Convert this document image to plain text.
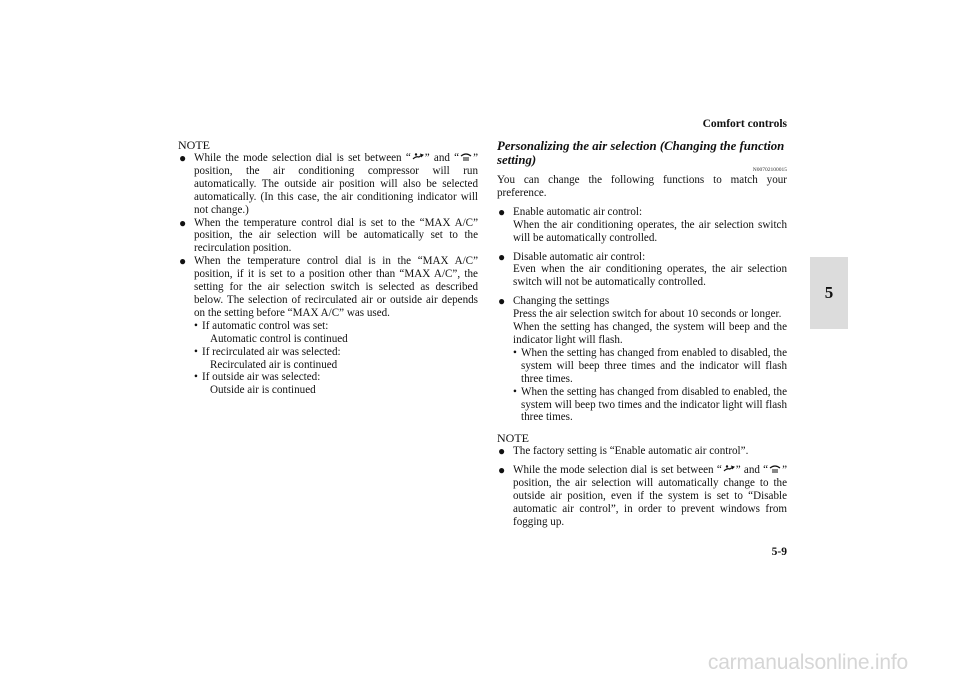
Comfort controls
5
NOTE
● While the mode selection dial is set between “ ” and “ ” position, the air conditioning compressor will run automatically. The outside air position will also be selected automatically. (In this case, the air conditioning indicator will not change.)
● When the temperature control dial is set to the “MAX A/C” position, the air selection will be automatically set to the recirculation position.
● When the temperature control dial is in the “MAX A/C” position, if it is set to a position other than “MAX A/C”, the setting for the air selection switch is selected as described below. The selection of recirculated air or outside air depends on the setting before “MAX A/C” was used.
• If automatic control was set:
Automatic control is continued
• If recirculated air was selected:
Recirculated air is continued
• If outside air was selected:
Outside air is continued
Personalizing the air selection (Changing the function setting)
N00702100015
You can change the following functions to match your preference.
● Enable automatic air control:
When the air conditioning operates, the air selection switch will be automatically controlled.
● Disable automatic air control:
Even when the air conditioning operates, the air selection switch will not be automatically controlled.
● Changing the settings
Press the air selection switch for about 10 seconds or longer.
When the setting has changed, the system will beep and the indicator light will flash.
• When the setting has changed from enabled to disabled, the system will beep three times and the indicator will flash three times.
• When the setting has changed from disabled to enabled, the system will beep two times and the indicator light will flash three times.
NOTE
● The factory setting is “Enable automatic air control”.
● While the mode selection dial is set between “ ” and “ ” position, the air selection will automatically change to the outside air position, even if the system is set to “Disable automatic air control”, in order to prevent windows from fogging up.
5-9
carmanualsonline.info
